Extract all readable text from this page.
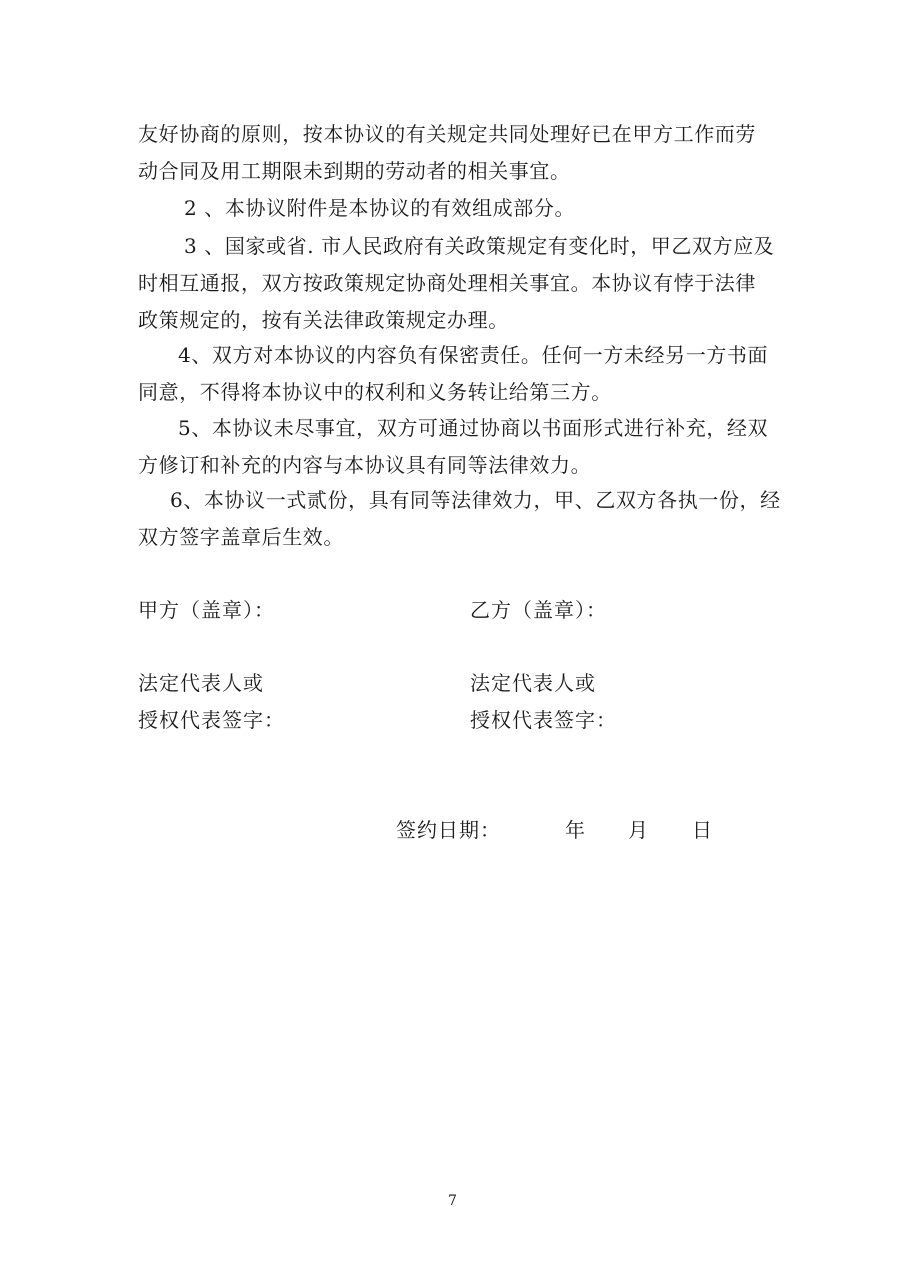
友好协商的原则，按本协议的有关规定共同处理好已在甲方工作而劳
动合同及用工期限未到期的劳动者的相关事宜。
2 、本协议附件是本协议的有效组成部分。
3 、国家或省. 市人民政府有关政策规定有变化时，甲乙双方应及
时相互通报，双方按政策规定协商处理相关事宜。本协议有悖于法律
政策规定的，按有关法律政策规定办理。
4、双方对本协议的内容负有保密责任。任何一方未经另一方书面
同意，不得将本协议中的权利和义务转让给第三方。
5、本协议未尽事宜，双方可通过协商以书面形式进行补充，经双
方修订和补充的内容与本协议具有同等法律效力。
6、本协议一式贰份，具有同等法律效力，甲、乙双方各执一份，经
双方签字盖章后生效。
甲方（盖章）：	乙方（盖章）：
法定代表人或	法定代表人或
授权代表签字：	授权代表签字：
签约日期：	年 月 日
7
